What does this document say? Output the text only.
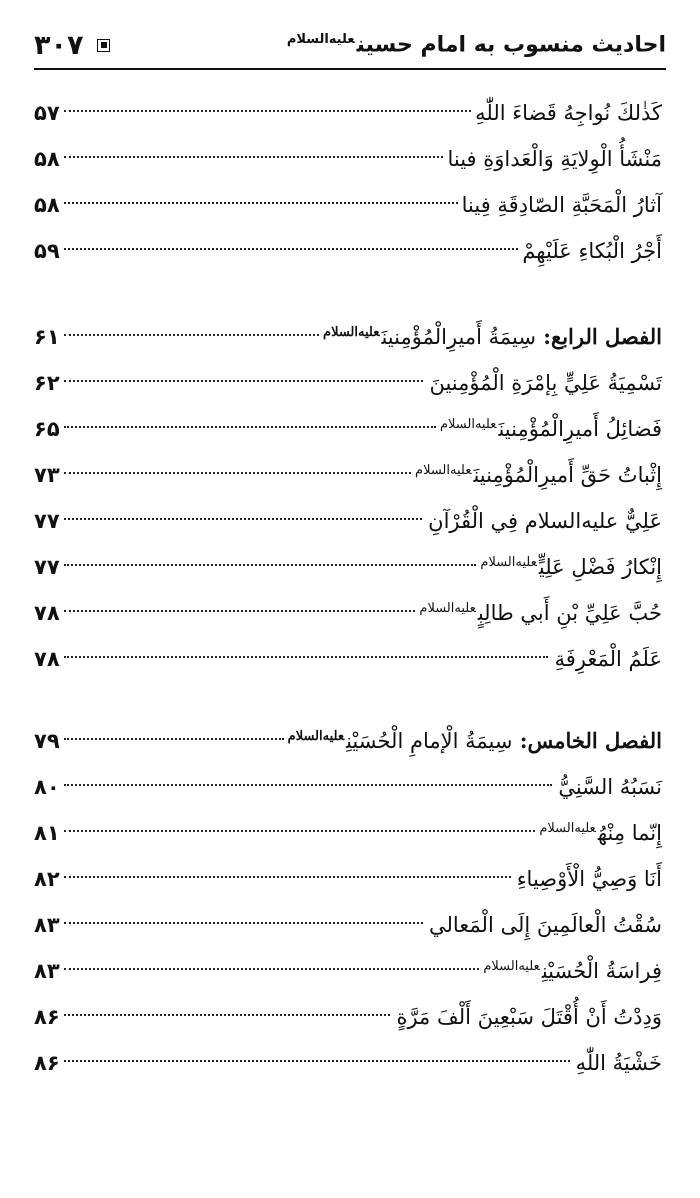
۳۰۷	احادیث منسوب به امام حسین$^{علیه‌السلام}$
كَذٰلكَ نُواجِهُ قَضاءَ اللّٰهِ
۵۷
مَنْشَأُ الْوِلايَةِ وَالْعَداوَةِ فينا
۵۸
آثارُ الْمَحَبَّةِ الصّادِقَةِ فِينا
۵۸
أَجْرُ الْبُكاءِ عَلَيْهِمْ
۵۹
الفصل الرابع: سِيمَةُ أَميرِالْمُؤْمِنينَ$^{علیه‌السلام}$
۶۱
تَسْمِيَةُ عَلِيٍّ بِإمْرَةِ الْمُؤْمِنينَ
۶۲
فَضائِلُ أَميرِالْمُؤْمِنينَ$^{علیه‌السلام}$
۶۵
إِثْباتُ حَقِّ أَميرِالْمُؤْمِنينَ$^{علیه‌السلام}$
۷۳
عَلِيٌّ علیه‌السلام فِي الْقُرْآنِ
۷۷
إِنْكارُ فَضْلِ عَلِيٍّ$^{علیه‌السلام}$
۷۷
حُبَّ عَلِيِّ بْنِ أَبي طالِبٍ$^{علیه‌السلام}$
۷۸
عَلَمُ الْمَعْرِفَةِ
۷۸
الفصل الخامس: سِيمَةُ الْإمامِ الْحُسَيْنِ$^{علیه‌السلام}$
۷۹
نَسَبُهُ السَّنِيُّ
۸۰
إِنّما مِنْهُ$^{علیه‌السلام}$
۸۱
أَنَا وَصِيُّ الْأَوْصِياءِ
۸۲
سُقْتُ الْعالَمِينَ إِلَى الْمَعالي
۸۳
فِراسَةُ الْحُسَيْنِ$^{علیه‌السلام}$
۸۳
وَدِدْتُ أَنْ أُقْتَلَ سَبْعِينَ أَلْفَ مَرَّةٍ
۸۶
خَشْيَةُ اللّٰهِ
۸۶
